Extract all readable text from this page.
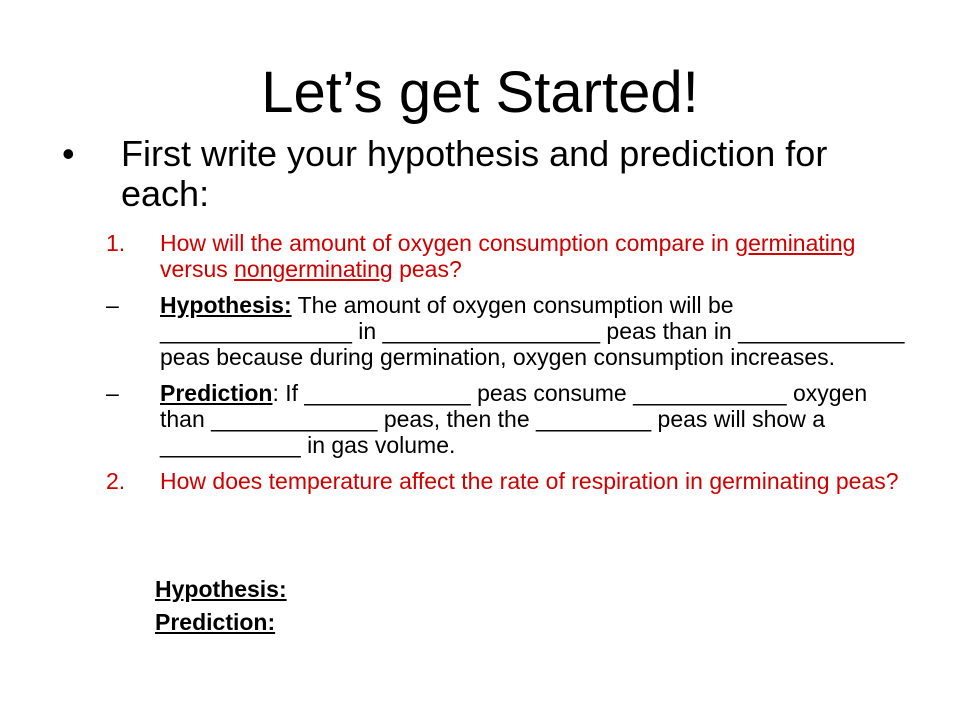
Let’s get Started!
• First write your hypothesis and prediction for each:
1. How will the amount of oxygen consumption compare in germinating versus nongerminating peas?
– Hypothesis: The amount of oxygen consumption will be _______________ in _________________ peas than in _____________ peas because during germination, oxygen consumption increases.
– Prediction: If _____________ peas consume ____________ oxygen than _____________ peas, then the _________ peas will show a ___________ in gas volume.
2. How does temperature affect the rate of respiration in germinating peas?
Hypothesis:
Prediction:
